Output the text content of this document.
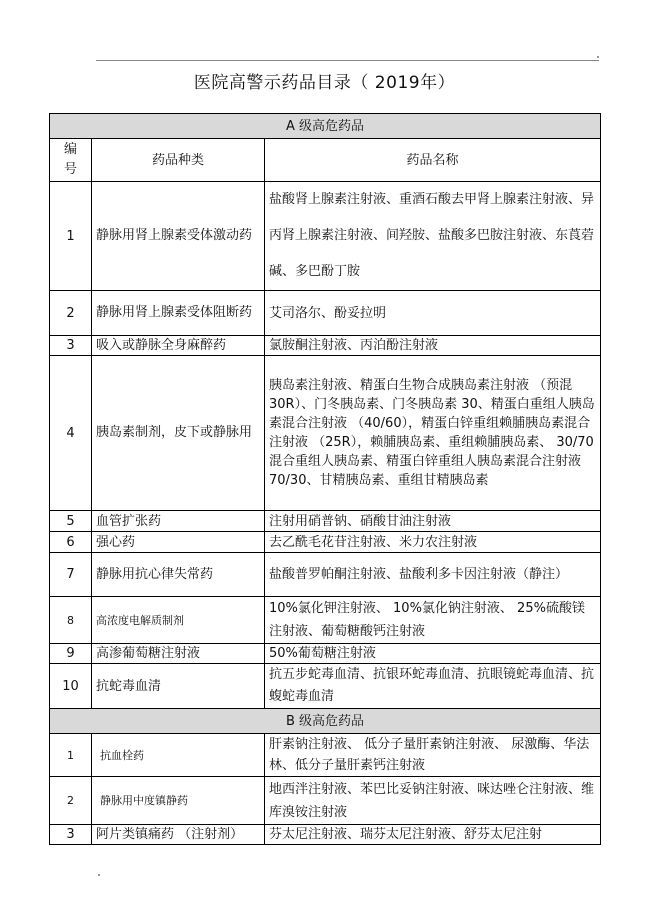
医院高警示药品目录（ 2019年）
A 级高危药品		
编号	药品种类	药品名称
1	静脉用肾上腺素受体激动药	盐酸肾上腺素注射液、重酒石酸去甲肾上腺素注射液、异丙肾上腺素注射液、间羟胺、盐酸多巴胺注射液、东莨菪碱、多巴酚丁胺
2	静脉用肾上腺素受体阻断药	艾司洛尔、酚妥拉明
3	吸入或静脉全身麻醉药	氯胺酮注射液、丙泊酚注射液
4	胰岛素制剂，皮下或静脉用	胰岛素注射液、精蛋白生物合成胰岛素注射液 （预混 30R）、门冬胰岛素、门冬胰岛素 30、精蛋白重组人胰岛素混合注射液 （40/60），精蛋白锌重组赖脯胰岛素混合注射液 （25R），赖脯胰岛素、重组赖脯胰岛素、 30/70 混合重组人胰岛素、精蛋白锌重组人胰岛素混合注射液 70/30、甘精胰岛素、重组甘精胰岛素
5	血管扩张药	注射用硝普钠、硝酸甘油注射液
6	强心药	去乙酰毛花苷注射液、米力农注射液
7	静脉用抗心律失常药	盐酸普罗帕酮注射液、盐酸利多卡因注射液（静注）
8	高浓度电解质制剂	10%氯化钾注射液、 10%氯化钠注射液、 25%硫酸镁注射液、葡萄糖酸钙注射液
9	高渗葡萄糖注射液	50%葡萄糖注射液
10	抗蛇毒血清	抗五步蛇毒血清、抗银环蛇毒血清、抗眼镜蛇毒血清、抗蝮蛇毒血清
B 级高危药品		
1	抗血栓药	肝素钠注射液、 低分子量肝素钠注射液、 尿激酶、华法林、低分子量肝素钙注射液
2	静脉用中度镇静药	地西泮注射液、苯巴比妥钠注射液、咪达唑仑注射液、维库溴铵注射液
3	阿片类镇痛药 （注射剂）	芬太尼注射液、瑞芬太尼注射液、舒芬太尼注射
